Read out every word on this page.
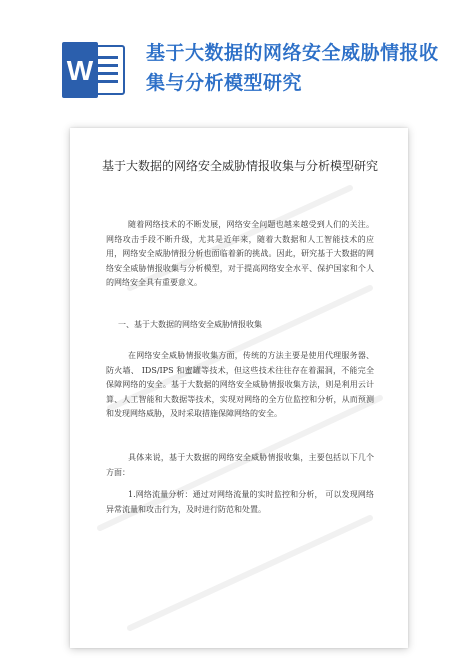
W
基于大数据的网络安全威胁情报收集与分析模型研究
基于大数据的网络安全威胁情报收集与分析模型研究
随着网络技术的不断发展，网络安全问题也越来越受到人们的关注。网络攻击手段不断升级，尤其是近年来，随着大数据和人工智能技术的应用，网络安全威胁情报分析也面临着新的挑战。因此，研究基于大数据的网络安全威胁情报收集与分析模型，对于提高网络安全水平、保护国家和个人的网络安全具有重要意义。
一、基于大数据的网络安全威胁情报收集
在网络安全威胁情报收集方面，传统的方法主要是使用代理服务器、防火墙、 IDS/IPS 和蜜罐等技术，但这些技术往往存在着漏洞，不能完全保障网络的安全。基于大数据的网络安全威胁情报收集方法，则是利用云计算、人工智能和大数据等技术，实现对网络的全方位监控和分析，从而预测和发现网络威胁，及时采取措施保障网络的安全。
具体来说，基于大数据的网络安全威胁情报收集，主要包括以下几个方面：
1.网络流量分析：通过对网络流量的实时监控和分析， 可以发现网络异常流量和攻击行为，及时进行防范和处置。
